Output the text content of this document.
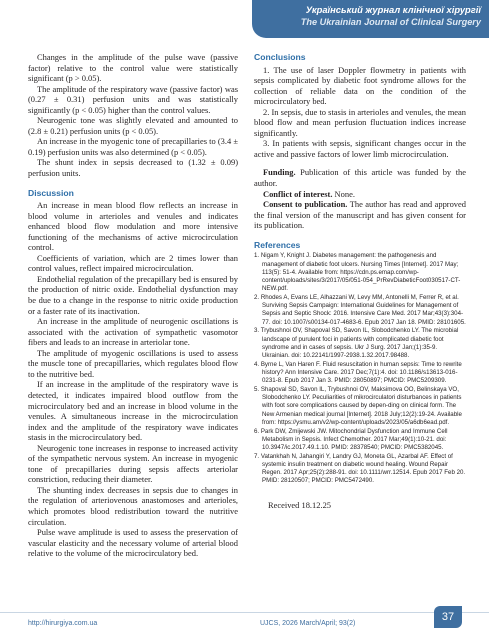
Український журнал клінічної хірургії
The Ukrainian Journal of Clinical Surgery

Changes in the amplitude of the pulse wave (passive factor) relative to the control value were statistically significant (p > 0.05).

The amplitude of the respiratory wave (passive factor) was (0.27 ± 0.31) perfusion units and was statistically significantly (p < 0.05) higher than the control values.

Neurogenic tone was slightly elevated and amounted to (2.8 ± 0.21) perfusion units (p < 0.05).

An increase in the myogenic tone of precapillaries to (3.4 ± 0.19) perfusion units was also determined (p < 0.05).

The shunt index in sepsis decreased to (1.32 ± 0.09) perfusion units.

Discussion

An increase in mean blood flow reflects an increase in blood volume in arterioles and venules and indicates enhanced blood flow modulation and more intensive functioning of the mechanisms of active microcirculation control.

Coefficients of variation, which are 2 times lower than control values, reflect impaired microcirculation.

Endothelial regulation of the precapillary bed is ensured by the production of nitric oxide. Endothelial dysfunction may be due to a change in the response to nitric oxide production or a faster rate of its inactivation.

An increase in the amplitude of neurogenic oscillations is associated with the activation of sympathetic vasomotor fibers and leads to an increase in arteriolar tone.

The amplitude of myogenic oscillations is used to assess the muscle tone of precapillaries, which regulates blood flow to the nutritive bed.

If an increase in the amplitude of the respiratory wave is detected, it indicates impaired blood outflow from the microcirculatory bed and an increase in blood volume in the venules. A simultaneous increase in the microcirculation index and the amplitude of the respiratory wave indicates stasis in the microcirculatory bed.

Neurogenic tone increases in response to increased activity of the sympathetic nervous system. An increase in myogenic tone of precapillaries during sepsis affects arteriolar constriction, reducing their diameter.

The shunting index decreases in sepsis due to changes in the regulation of arteriovenous anastomoses and arterioles, which promotes blood redistribution toward the nutritive circulation.

Pulse wave amplitude is used to assess the preservation of vascular elasticity and the necessary volume of arterial blood relative to the volume of the microcirculatory bed.

Conclusions

1. The use of laser Doppler flowmetry in patients with sepsis complicated by diabetic foot syndrome allows for the collection of reliable data on the condition of the microcirculatory bed.

2. In sepsis, due to stasis in arterioles and venules, the mean blood flow and mean perfusion fluctuation indices increase significantly.

3. In patients with sepsis, significant changes occur in the active and passive factors of lower limb microcirculation.

Funding. Publication of this article was funded by the author.

Conflict of interest. None.

Consent to publication. The author has read and approved the final version of the manuscript and has given consent for its publication.

References
1. Nigam Y, Knight J. Diabetes management: the pathogenesis and management of diabetic foot ulcers. Nursing Times [Internet]. 2017 May; 113(5): 51-4. Available from: https://cdn.ps.emap.com/wp-content/uploads/sites/3/2017/05/051-054_PrRevDiabeticFoot030517-CT-NEW.pdf.
2. Rhodes A, Evans LE, Alhazzani W, Levy MM, Antonelli M, Ferrer R, et al. Surviving Sepsis Campaign: International Guidelines for Management of Sepsis and Septic Shock: 2016. Intensive Care Med. 2017 Mar;43(3):304-77. doi: 10.1007/s00134-017-4683-6. Epub 2017 Jan 18. PMID: 28101605.
3. Trybushnoi OV, Shapoval SD, Savon IL, Slobodchenko LY. The microbial landscape of purulent foci in patients with complicated diabetic foot syndrome and in cases of sepsis. Ukr J Surg. 2017 Jan;(1):35-9. Ukrainian. doi: 10.22141/1997-2938.1.32.2017.98488.
4. Byrne L, Van Haren F. Fluid resuscitation in human sepsis: Time to rewrite history? Ann Intensive Care. 2017 Dec;7(1):4. doi: 10.1186/s13613-016-0231-8. Epub 2017 Jan 3. PMID: 28050897; PMCID: PMC5209309.
5. Shapoval SD, Savon IL, Trybushnoi OV, Maksimova OO, Belinskaya VO, Slobodchenko LY. Peculiarities of mikrocirculatori disturbances in patients with foot sore complications caused by depen-ding on clinical form. The New Armenian medical journal [Internet]. 2018 July;12(2):19-24. Available from: https://ysmu.am/v2/wp-content/uploads/2023/05/a6db6ead.pdf.
6. Park DW, Zmijewski JW. Mitochondrial Dysfunction and Immune Cell Metabolism in Sepsis. Infect Chemother. 2017 Mar;49(1):10-21. doi: 10.3947/ic.2017.49.1.10. PMID: 28378540; PMCID: PMC5382045.
7. Vatankhah N, Jahangiri Y, Landry GJ, Moneta GL, Azarbal AF. Effect of systemic insulin treatment on diabetic wound healing. Wound Repair Regen. 2017 Apr;25(2):288-91. doi: 10.1111/wrr.12514. Epub 2017 Feb 20. PMID: 28120507; PMCID: PMC5472490.
Received 18.12.25
http://hirurgiya.com.ua	UJCS, 2026 March/April; 93(2)
37
